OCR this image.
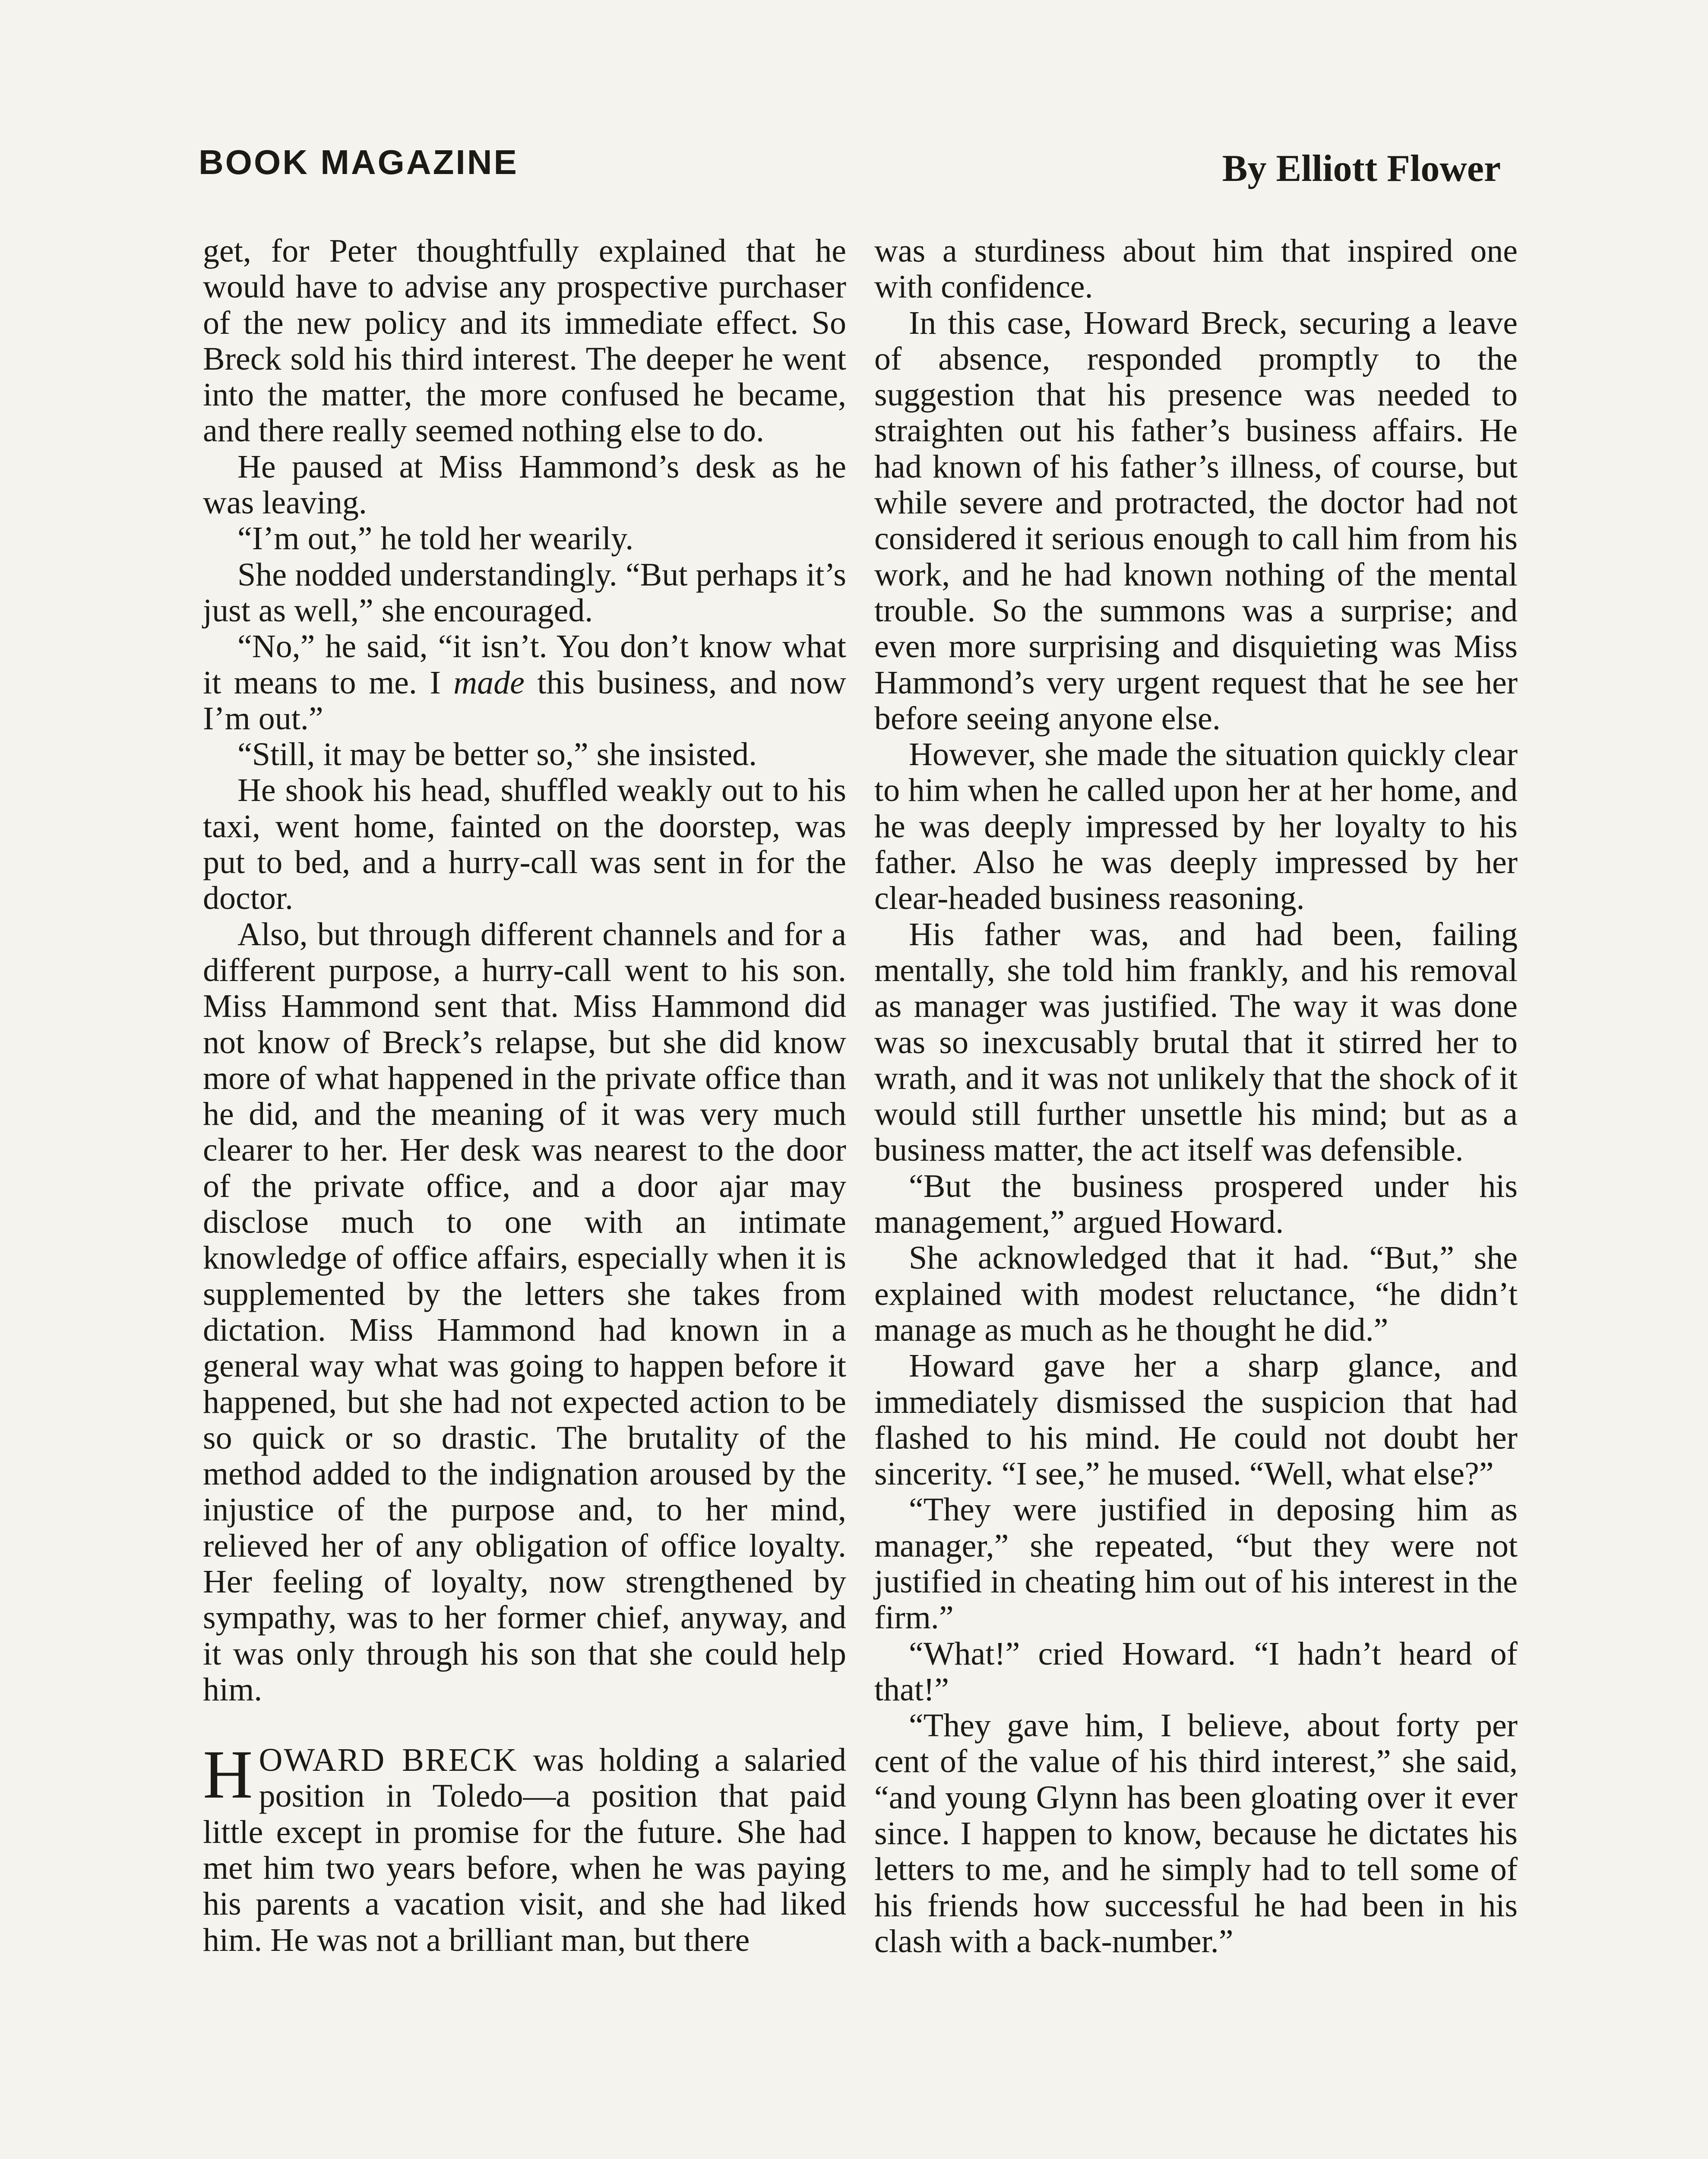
BOOK MAGAZINE	By Elliott Flower

get, for Peter thoughtfully explained that he would have to advise any prospective purchaser of the new policy and its immediate effect. So Breck sold his third interest. The deeper he went into the matter, the more confused he became, and there really seemed nothing else to do.

He paused at Miss Hammond’s desk as he was leaving.

“I’m out,” he told her wearily.

She nodded understandingly. “But perhaps it’s just as well,” she encouraged.

“No,” he said, “it isn’t. You don’t know what it means to me. I made this business, and now I’m out.”

“Still, it may be better so,” she insisted.

He shook his head, shuffled weakly out to his taxi, went home, fainted on the doorstep, was put to bed, and a hurry-call was sent in for the doctor.

Also, but through different channels and for a different purpose, a hurry-call went to his son. Miss Hammond sent that. Miss Hammond did not know of Breck’s relapse, but she did know more of what happened in the private office than he did, and the meaning of it was very much clearer to her. Her desk was nearest to the door of the private office, and a door ajar may disclose much to one with an intimate knowledge of office affairs, especially when it is supplemented by the letters she takes from dictation. Miss Hammond had known in a general way what was going to happen before it happened, but she had not expected action to be so quick or so drastic. The brutality of the method added to the indignation aroused by the injustice of the purpose and, to her mind, relieved her of any obligation of office loyalty. Her feeling of loyalty, now strengthened by sympathy, was to her former chief, anyway, and it was only through his son that she could help him.

HOWARD BRECK was holding a salaried position in Toledo—a position that paid little except in promise for the future. She had met him two years before, when he was paying his parents a vacation visit, and she had liked him. He was not a brilliant man, but there

was a sturdiness about him that inspired one with confidence.

In this case, Howard Breck, securing a leave of absence, responded promptly to the suggestion that his presence was needed to straighten out his father’s business affairs. He had known of his father’s illness, of course, but while severe and protracted, the doctor had not considered it serious enough to call him from his work, and he had known nothing of the mental trouble. So the summons was a surprise; and even more surprising and disquieting was Miss Hammond’s very urgent request that he see her before seeing anyone else.

However, she made the situation quickly clear to him when he called upon her at her home, and he was deeply impressed by her loyalty to his father. Also he was deeply impressed by her clear-headed business reasoning.

His father was, and had been, failing mentally, she told him frankly, and his removal as manager was justified. The way it was done was so inexcusably brutal that it stirred her to wrath, and it was not unlikely that the shock of it would still further unsettle his mind; but as a business matter, the act itself was defensible.

“But the business prospered under his management,” argued Howard.

She acknowledged that it had. “But,” she explained with modest reluctance, “he didn’t manage as much as he thought he did.”

Howard gave her a sharp glance, and immediately dismissed the suspicion that had flashed to his mind. He could not doubt her sincerity. “I see,” he mused. “Well, what else?”

“They were justified in deposing him as manager,” she repeated, “but they were not justified in cheating him out of his interest in the firm.”

“What!” cried Howard. “I hadn’t heard of that!”

“They gave him, I believe, about forty per cent of the value of his third interest,” she said, “and young Glynn has been gloating over it ever since. I happen to know, because he dictates his letters to me, and he simply had to tell some of his friends how successful he had been in his clash with a back-number.”
